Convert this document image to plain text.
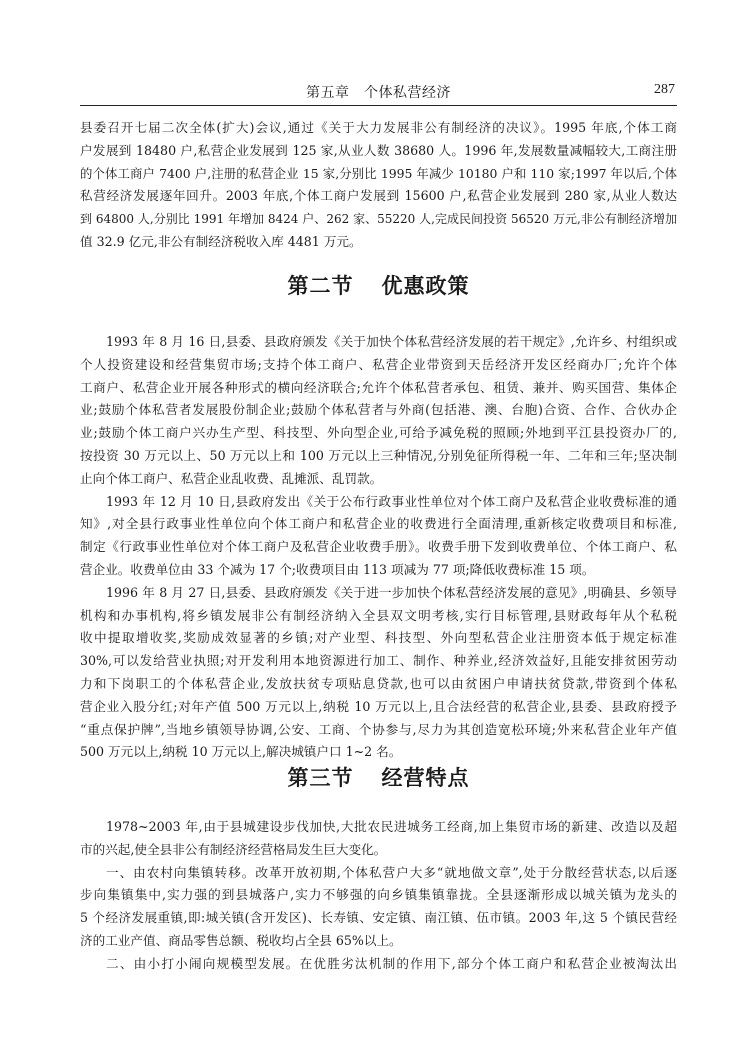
第五章　个体私营经济	287
县委召开七届二次全体(扩大)会议,通过《关于大力发展非公有制经济的决议》。1995 年底,个体工商
户发展到 18480 户,私营企业发展到 125 家,从业人数 38680 人。1996 年,发展数量减幅较大,工商注册
的个体工商户 7400 户,注册的私营企业 15 家,分别比 1995 年减少 10180 户和 110 家;1997 年以后,个体
私营经济发展逐年回升。2003 年底,个体工商户发展到 15600 户,私营企业发展到 280 家,从业人数达
到 64800 人,分别比 1991 年增加 8424 户、262 家、55220 人,完成民间投资 56520 万元,非公有制经济增加
值 32.9 亿元,非公有制经济税收入库 4481 万元。
第二节 优惠政策
1993 年 8 月 16 日,县委、县政府颁发《关于加快个体私营经济发展的若干规定》,允许乡、村组织或
个人投资建设和经营集贸市场;支持个体工商户、私营企业带资到天岳经济开发区经商办厂;允许个体
工商户、私营企业开展各种形式的横向经济联合;允许个体私营者承包、租赁、兼并、购买国营、集体企
业;鼓励个体私营者发展股份制企业;鼓励个体私营者与外商(包括港、澳、台胞)合资、合作、合伙办企
业;鼓励个体工商户兴办生产型、科技型、外向型企业,可给予减免税的照顾;外地到平江县投资办厂的,
按投资 30 万元以上、50 万元以上和 100 万元以上三种情况,分别免征所得税一年、二年和三年;坚决制
止向个体工商户、私营企业乱收费、乱摊派、乱罚款。
1993 年 12 月 10 日,县政府发出《关于公布行政事业性单位对个体工商户及私营企业收费标准的通
知》,对全县行政事业性单位向个体工商户和私营企业的收费进行全面清理,重新核定收费项目和标准,
制定《行政事业性单位对个体工商户及私营企业收费手册》。收费手册下发到收费单位、个体工商户、私
营企业。收费单位由 33 个减为 17 个;收费项目由 113 项减为 77 项;降低收费标准 15 项。
1996 年 8 月 27 日,县委、县政府颁发《关于进一步加快个体私营经济发展的意见》,明确县、乡领导
机构和办事机构,将乡镇发展非公有制经济纳入全县双文明考核,实行目标管理,县财政每年从个私税
收中提取增收奖,奖励成效显著的乡镇;对产业型、科技型、外向型私营企业注册资本低于规定标准
30%,可以发给营业执照;对开发利用本地资源进行加工、制作、种养业,经济效益好,且能安排贫困劳动
力和下岗职工的个体私营企业,发放扶贫专项贴息贷款,也可以由贫困户申请扶贫贷款,带资到个体私
营企业入股分红;对年产值 500 万元以上,纳税 10 万元以上,且合法经营的私营企业,县委、县政府授予
“重点保护牌”,当地乡镇领导协调,公安、工商、个协参与,尽力为其创造宽松环境;外来私营企业年产值
500 万元以上,纳税 10 万元以上,解决城镇户口 1~2 名。
第三节 经营特点
1978~2003 年,由于县城建设步伐加快,大批农民进城务工经商,加上集贸市场的新建、改造以及超
市的兴起,使全县非公有制经济经营格局发生巨大变化。
一、由农村向集镇转移。改革开放初期,个体私营户大多“就地做文章”,处于分散经营状态,以后逐
步向集镇集中,实力强的到县城落户,实力不够强的向乡镇集镇靠拢。全县逐渐形成以城关镇为龙头的
5 个经济发展重镇,即:城关镇(含开发区)、长寿镇、安定镇、南江镇、伍市镇。2003 年,这 5 个镇民营经
济的工业产值、商品零售总额、税收均占全县 65%以上。
二、由小打小闹向规模型发展。在优胜劣汰机制的作用下,部分个体工商户和私营企业被淘汰出
